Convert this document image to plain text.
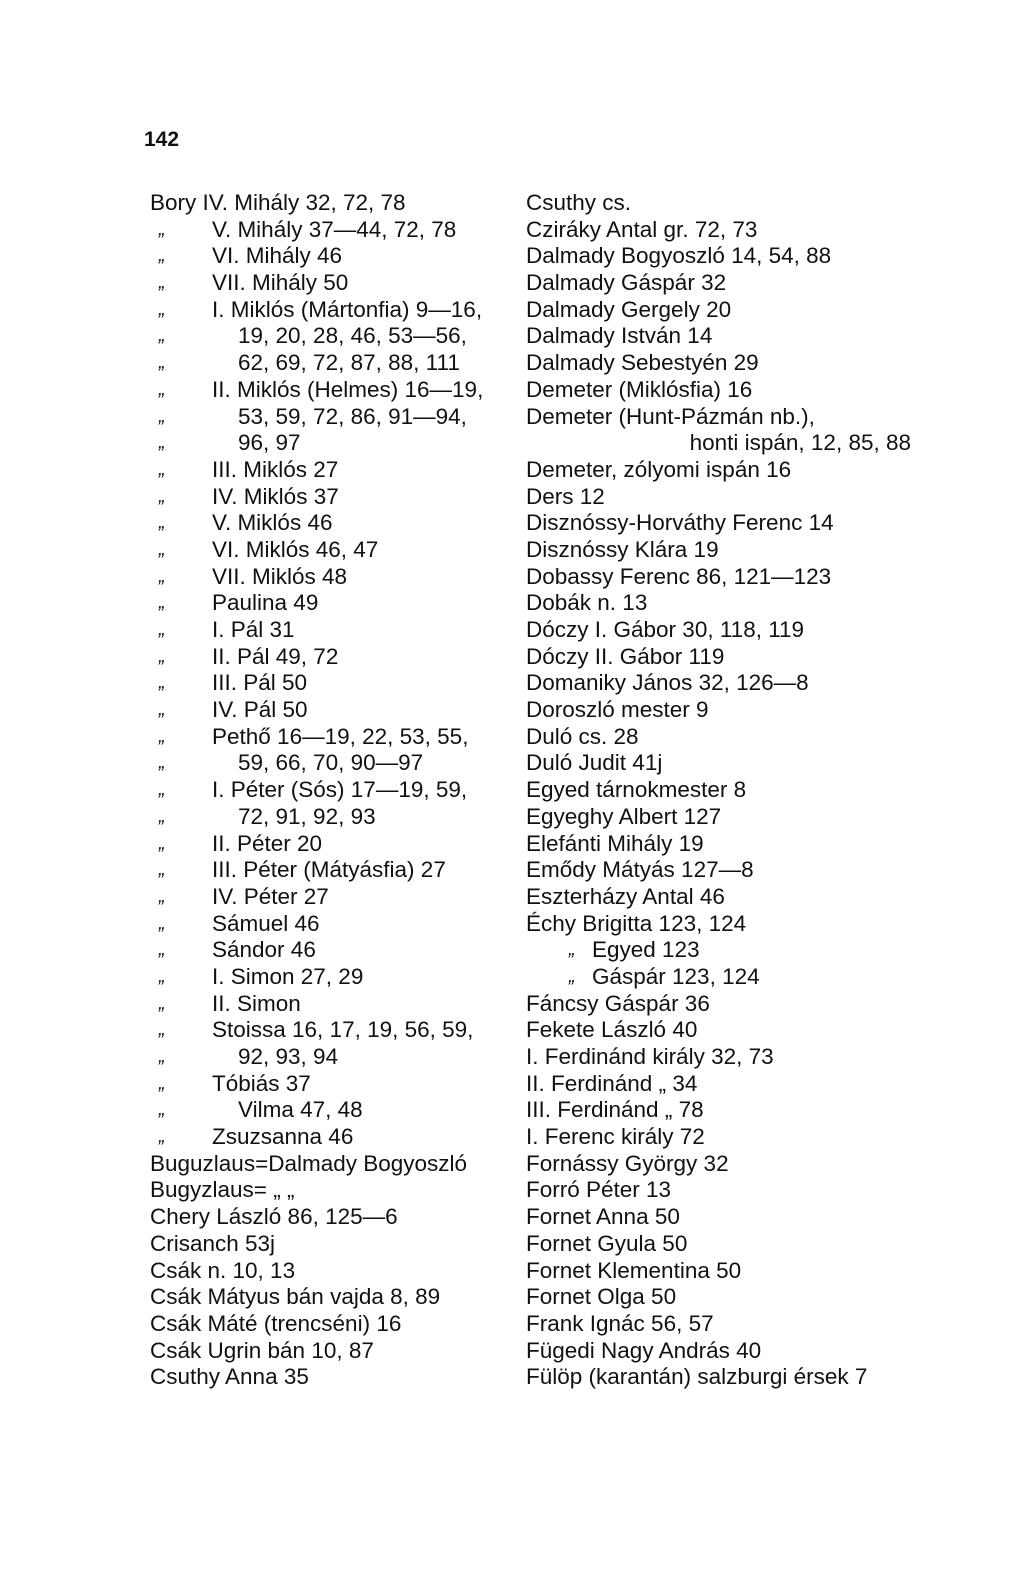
142
Bory IV. Mihály 32, 72, 78
„	V. Mihály 37—44, 72, 78
„	VI. Mihály 46
„	VII. Mihály 50
„	I. Miklós (Mártonfia) 9—16,
„	19, 20, 28, 46, 53—56,
„	62, 69, 72, 87, 88, 111
„	II. Miklós (Helmes) 16—19,
„	53, 59, 72, 86, 91—94,
„	96, 97
„	III. Miklós 27
„	IV. Miklós 37
„	V. Miklós 46
„	VI. Miklós 46, 47
„	VII. Miklós 48
„	Paulina 49
„	I. Pál 31
„	II. Pál 49, 72
„	III. Pál 50
„	IV. Pál 50
„	Pethő 16—19, 22, 53, 55,
„	59, 66, 70, 90—97
„	I. Péter (Sós) 17—19, 59,
„	72, 91, 92, 93
„	II. Péter 20
„	III. Péter (Mátyásfia) 27
„	IV. Péter 27
„	Sámuel 46
„	Sándor 46
„	I. Simon 27, 29
„	II. Simon
„	Stoissa 16, 17, 19, 56, 59,
„	92, 93, 94
„	Tóbiás 37
„	Vilma 47, 48
„	Zsuzsanna 46
Buguzlaus=Dalmady Bogyoszló
Bugyzlaus= „ „
Chery László 86, 125—6
Crisanch 53j
Csák n. 10, 13
Csák Mátyus bán vajda 8, 89
Csák Máté (trencséni) 16
Csák Ugrin bán 10, 87
Csuthy Anna 35
Csuthy cs.
Cziráky Antal gr. 72, 73
Dalmady Bogyoszló 14, 54, 88
Dalmady Gáspár 32
Dalmady Gergely 20
Dalmady István 14
Dalmady Sebestyén 29
Demeter (Miklósfia) 16
Demeter (Hunt-Pázmán nb.),
honti ispán, 12, 85, 88
Demeter, zólyomi ispán 16
Ders 12
Disznóssy-Horváthy Ferenc 14
Disznóssy Klára 19
Dobassy Ferenc 86, 121—123
Dobák n. 13
Dóczy I. Gábor 30, 118, 119
Dóczy II. Gábor 119
Domaniky János 32, 126—8
Doroszló mester 9
Duló cs. 28
Duló Judit 41j
Egyed tárnokmester 8
Egyeghy Albert 127
Elefánti Mihály 19
Emődy Mátyás 127—8
Eszterházy Antal 46
Échy Brigitta 123, 124
„ Egyed 123
„ Gáspár 123, 124
Fáncsy Gáspár 36
Fekete László 40
I. Ferdinánd király 32, 73
II. Ferdinánd „ 34
III. Ferdinánd „ 78
I. Ferenc király 72
Fornássy György 32
Forró Péter 13
Fornet Anna 50
Fornet Gyula 50
Fornet Klementina 50
Fornet Olga 50
Frank Ignác 56, 57
Fügedi Nagy András 40
Fülöp (karantán) salzburgi érsek 7
